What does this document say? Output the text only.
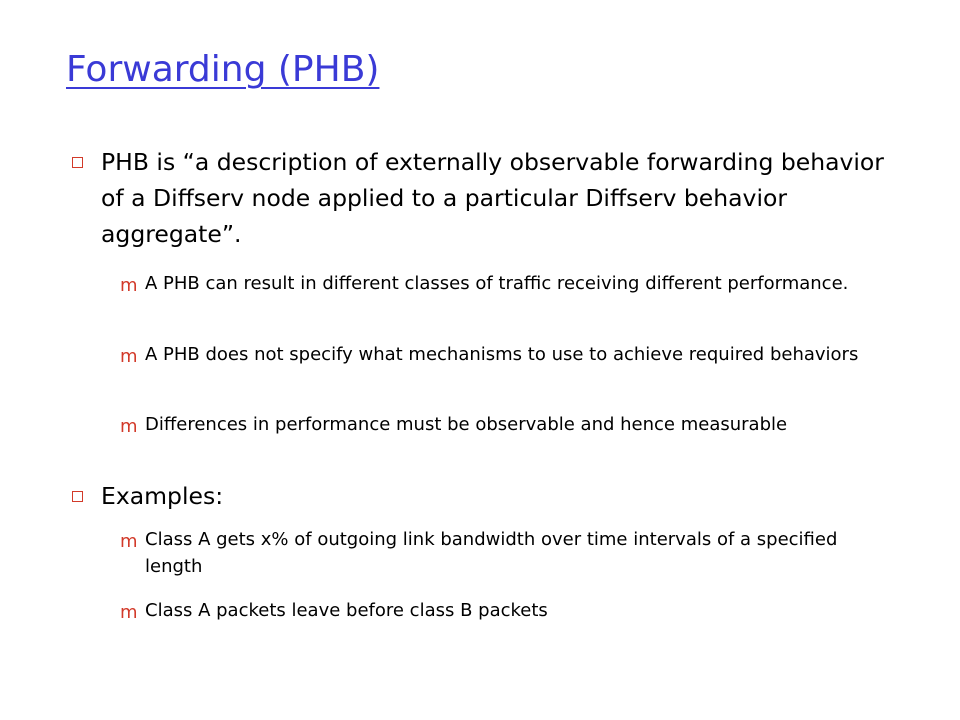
Forwarding (PHB)
PHB is “a description of externally observable forwarding behavior of a Diffserv node applied to a particular Diffserv behavior aggregate”.
m A PHB can result in different classes of traffic receiving different performance.
m A PHB does not specify what mechanisms to use to achieve required behaviors
m Differences in performance must be observable and hence measurable
Examples:
m Class A gets x% of outgoing link bandwidth over time intervals of a specified length
m Class A packets leave before class B packets
